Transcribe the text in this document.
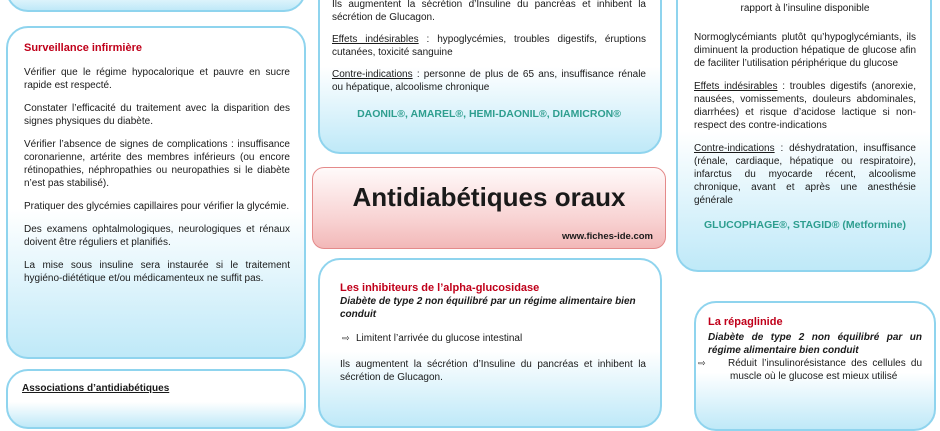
Surveillance infirmière

Vérifier que le régime hypocalorique et pauvre en sucre rapide est respecté.

Constater l’efficacité du traitement avec la disparition des signes physiques du diabète.

Vérifier l’absence de signes de complications : insuffisance coronarienne, artérite des membres inférieurs (ou encore rétinopathies, néphropathies ou neuropathies si le diabète n’est pas stabilisé).

Pratiquer des glycémies capillaires pour vérifier la glycémie.

Des examens ophtalmologiques, neurologiques et rénaux doivent être réguliers et planifiés.

La mise sous insuline sera instaurée si le traitement hygiéno-diététique et/ou médicamenteux ne suffit pas.

Associations d’antidiabétiques

Ils augmentent la sécrétion d’Insuline du pancréas et inhibent la sécrétion de Glucagon.

Effets indésirables : hypoglycémies, troubles digestifs, éruptions cutanées, toxicité sanguine

Contre-indications : personne de plus de 65 ans, insuffisance rénale ou hépatique, alcoolisme chronique

DAONIL®, AMAREL®, HEMI-DAONIL®, DIAMICRON®

Antidiabétiques oraux
www.fiches-ide.com

Les inhibiteurs de l’alpha-glucosidase

Diabète de type 2 non équilibré par un régime alimentaire bien conduit

⇨ Limitent l’arrivée du glucose intestinal

Ils augmentent la sécrétion d’Insuline du pancréas et inhibent la sécrétion de Glucagon.

rapport à l’insuline disponible

Normoglycémiants plutôt qu’hypoglycémiants, ils diminuent la production hépatique de glucose afin de faciliter l’utilisation périphérique du glucose

Effets indésirables : troubles digestifs (anorexie, nausées, vomissements, douleurs abdominales, diarrhées) et risque d’acidose lactique si non-respect des contre-indications

Contre-indications : déshydratation, insuffisance (rénale, cardiaque, hépatique ou respiratoire), infarctus du myocarde récent, alcoolisme chronique, avant et après une anesthésie générale

GLUCOPHAGE®, STAGID® (Metformine)

La répaglinide

Diabète de type 2 non équilibré par un régime alimentaire bien conduit

⇨ Réduit l’insulinorésistance des cellules du muscle où le glucose est mieux utilisé
